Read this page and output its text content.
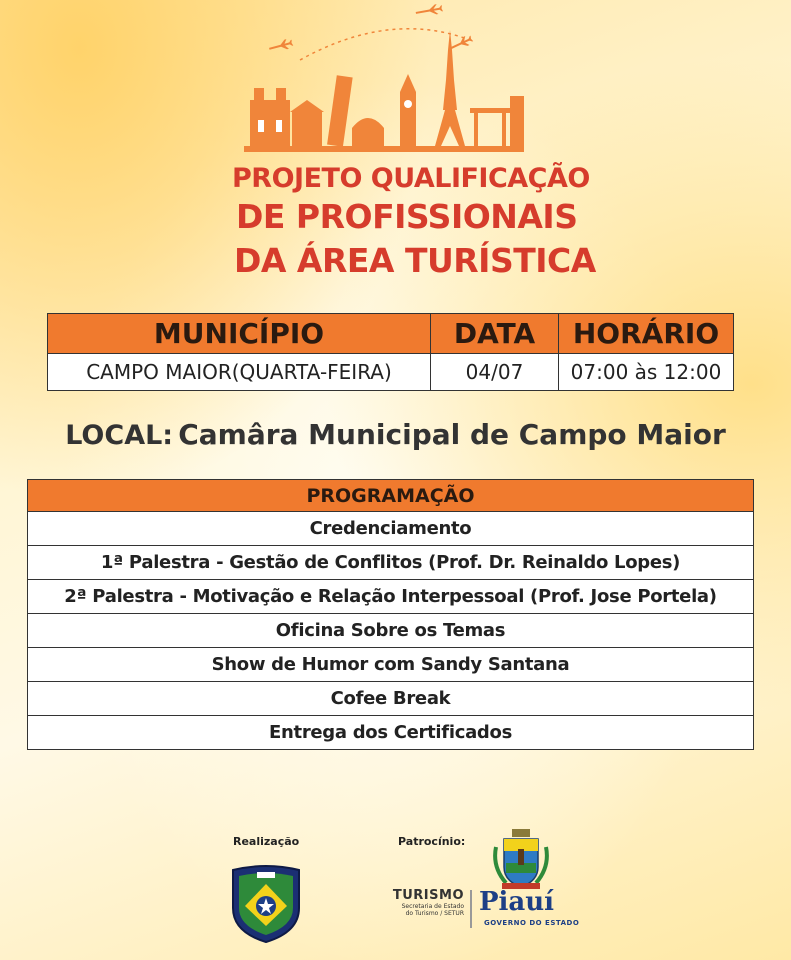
PROJETO QUALIFICAÇÃO
DE PROFISSIONAIS
DA ÁREA TURÍSTICA
MUNICÍPIO	DATA	HORÁRIO
CAMPO MAIOR(QUARTA-FEIRA)	04/07	07:00 às 12:00
LOCAL: Camâra Municipal de Campo Maior
PROGRAMAÇÃO
Credenciamento
1ª Palestra - Gestão de Conflitos (Prof. Dr. Reinaldo Lopes)
2ª Palestra - Motivação e Relação Interpessoal (Prof. Jose Portela)
Oficina Sobre os Temas
Show de Humor com Sandy Santana
Cofee Break
Entrega dos Certificados
Realização	Patrocínio:
TURISMO
Secretaria de Estado
do Turismo / SETUR Piauí
GOVERNO DO ESTADO
